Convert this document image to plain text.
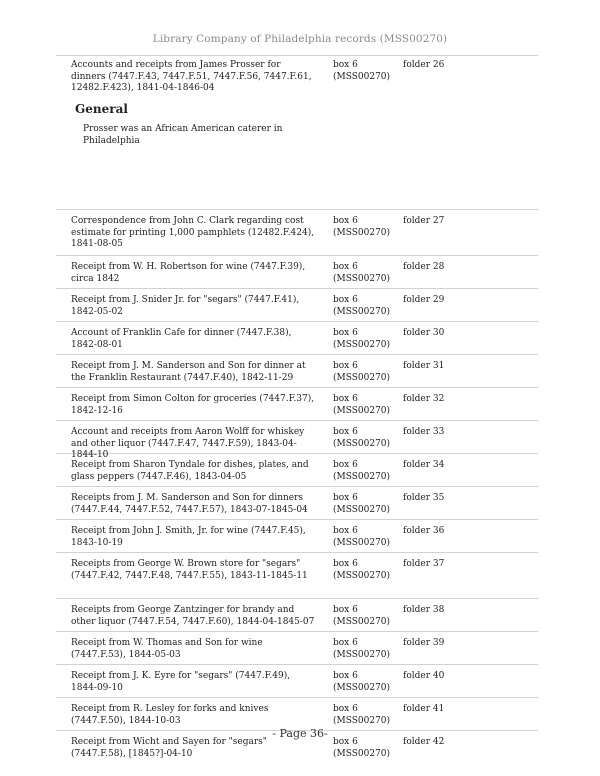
Library Company of Philadelphia records (MSS00270)
Accounts and receipts from James Prosser for dinners (7447.F.43, 7447.F.51, 7447.F.56, 7447.F.61, 12482.F.423), 1841-04-1846-04
box 6 (MSS00270)
folder 26
General
Prosser was an African American caterer in Philadelphia
Correspondence from John C. Clark regarding cost estimate for printing 1,000 pamphlets (12482.F.424), 1841-08-05
box 6 (MSS00270)
folder 27
Receipt from W. H. Robertson for wine (7447.F.39), circa 1842
box 6 (MSS00270)
folder 28
Receipt from J. Snider Jr. for "segars" (7447.F.41), 1842-05-02
box 6 (MSS00270)
folder 29
Account of Franklin Cafe for dinner (7447.F.38), 1842-08-01
box 6 (MSS00270)
folder 30
Receipt from J. M. Sanderson and Son for dinner at the Franklin Restaurant (7447.F.40), 1842-11-29
box 6 (MSS00270)
folder 31
Receipt from Simon Colton for groceries (7447.F.37), 1842-12-16
box 6 (MSS00270)
folder 32
Account and receipts from Aaron Wolff for whiskey and other liquor (7447.F.47, 7447.F.59), 1843-04-1844-10
box 6 (MSS00270)
folder 33
Receipt from Sharon Tyndale for dishes, plates, and glass peppers (7447.F.46), 1843-04-05
box 6 (MSS00270)
folder 34
Receipts from J. M. Sanderson and Son for dinners (7447.F.44, 7447.F.52, 7447.F.57), 1843-07-1845-04
box 6 (MSS00270)
folder 35
Receipt from John J. Smith, Jr. for wine (7447.F.45), 1843-10-19
box 6 (MSS00270)
folder 36
Receipts from George W. Brown store for "segars" (7447.F.42, 7447.F.48, 7447.F.55), 1843-11-1845-11
box 6 (MSS00270)
folder 37
Receipts from George Zantzinger for brandy and other liquor (7447.F.54, 7447.F.60), 1844-04-1845-07
box 6 (MSS00270)
folder 38
Receipt from W. Thomas and Son for wine (7447.F.53), 1844-05-03
box 6 (MSS00270)
folder 39
Receipt from J. K. Eyre for "segars" (7447.F.49), 1844-09-10
box 6 (MSS00270)
folder 40
Receipt from R. Lesley for forks and knives (7447.F.50), 1844-10-03
box 6 (MSS00270)
folder 41
Receipt from Wicht and Sayen for "segars" (7447.F.58), [1845?]-04-10
box 6 (MSS00270)
folder 42
- Page 36-
